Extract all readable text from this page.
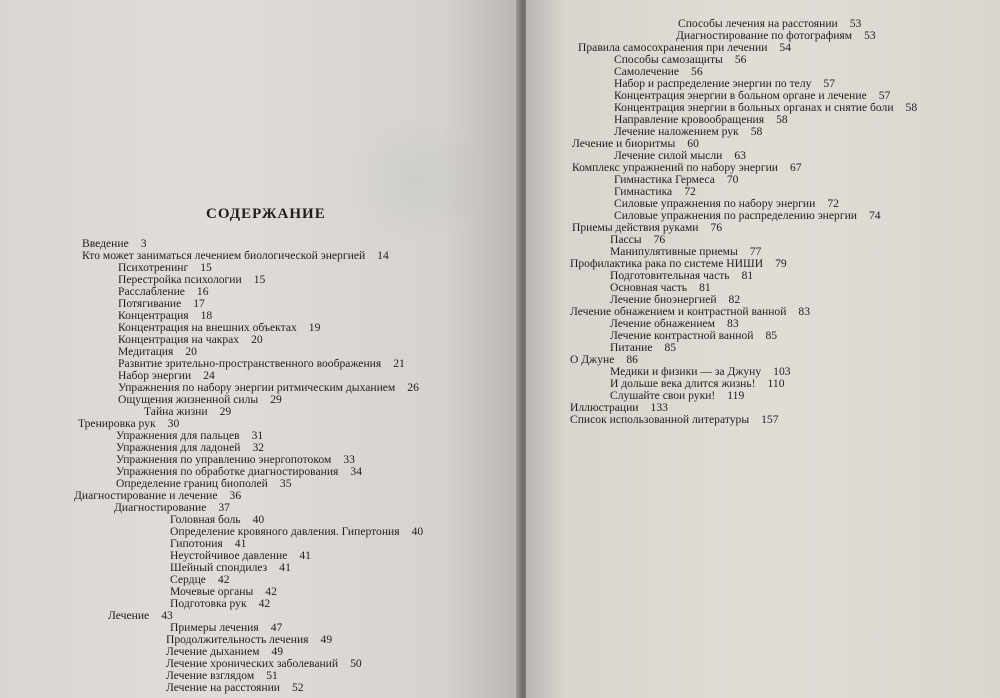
СОДЕРЖАНИЕ
Введение 3
Кто может заниматься лечением биологической энергией 14
Психотренинг 15
Перестройка психологии 15
Расслабление 16
Потягивание 17
Концентрация 18
Концентрация на внешних объектах 19
Концентрация на чакрах 20
Медитация 20
Развитие зрительно-пространственного воображения 21
Набор энергии 24
Упражнения по набору энергии ритмическим дыханием 26
Ощущения жизненной силы 29
Тайна жизни 29
Тренировка рук 30
Упражнения для пальцев 31
Упражнения для ладоней 32
Упражнения по управлению энергопотоком 33
Упражнения по обработке диагностирования 34
Определение границ биополей 35
Диагностирование и лечение 36
Диагностирование 37
Головная боль 40
Определение кровяного давления. Гипертония 40
Гипотония 41
Неустойчивое давление 41
Шейный спондилез 41
Сердце 42
Мочевые органы 42
Подготовка рук 42
Лечение 43
Примеры лечения 47
Продолжительность лечения 49
Лечение дыханием 49
Лечение хронических заболеваний 50
Лечение взглядом 51
Лечение на расстоянии 52
Способы лечения на расстоянии 53
Диагностирование по фотографиям 53
Правила самосохранения при лечении 54
Способы самозащиты 56
Самолечение 56
Набор и распределение энергии по телу 57
Концентрация энергии в больном органе и лечение 57
Концентрация энергии в больных органах и снятие боли 58
Направление кровообращения 58
Лечение наложением рук 58
Лечение и биоритмы 60
Лечение силой мысли 63
Комплекс упражнений по набору энергии 67
Гимнастика Гермеса 70
Гимнастика 72
Силовые упражнения по набору энергии 72
Силовые упражнения по распределению энергии 74
Приемы действия руками 76
Пассы 76
Манипулятивные приемы 77
Профилактика рака по системе НИШИ 79
Подготовительная часть 81
Основная часть 81
Лечение биоэнергией 82
Лечение обнажением и контрастной ванной 83
Лечение обнажением 83
Лечение контрастной ванной 85
Питание 85
О Джуне 86
Медики и физики — за Джуну 103
И дольше века длится жизнь! 110
Слушайте свои руки! 119
Иллюстрации 133
Список использованной литературы 157
